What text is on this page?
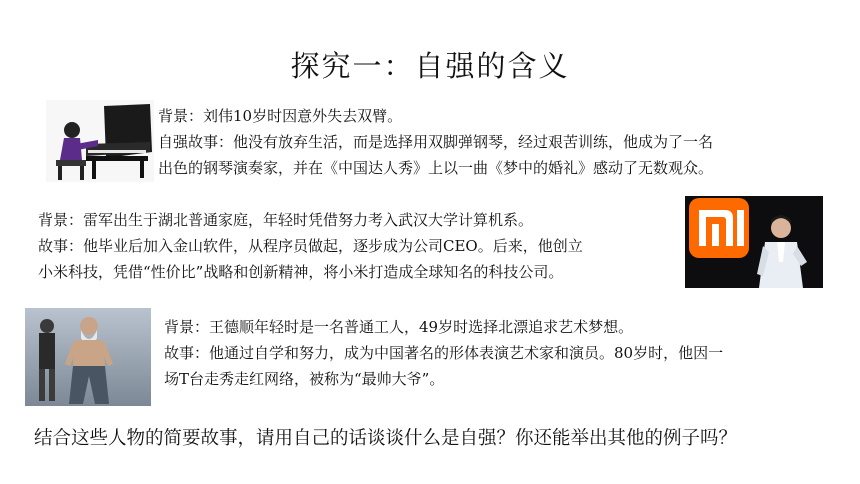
探究一：自强的含义
背景：刘伟10岁时因意外失去双臂。
自强故事：他没有放弃生活，而是选择用双脚弹钢琴，经过艰苦训练，他成为了一名
出色的钢琴演奏家，并在《中国达人秀》上以一曲《梦中的婚礼》感动了无数观众。
背景：雷军出生于湖北普通家庭，年轻时凭借努力考入武汉大学计算机系。
故事：他毕业后加入金山软件，从程序员做起，逐步成为公司CEO。后来，他创立
小米科技，凭借“性价比”战略和创新精神，将小米打造成全球知名的科技公司。
背景：王德顺年轻时是一名普通工人，49岁时选择北漂追求艺术梦想。
故事：他通过自学和努力，成为中国著名的形体表演艺术家和演员。80岁时，他因一
场T台走秀走红网络，被称为“最帅大爷”。
结合这些人物的简要故事，请用自己的话谈谈什么是自强？你还能举出其他的例子吗？
